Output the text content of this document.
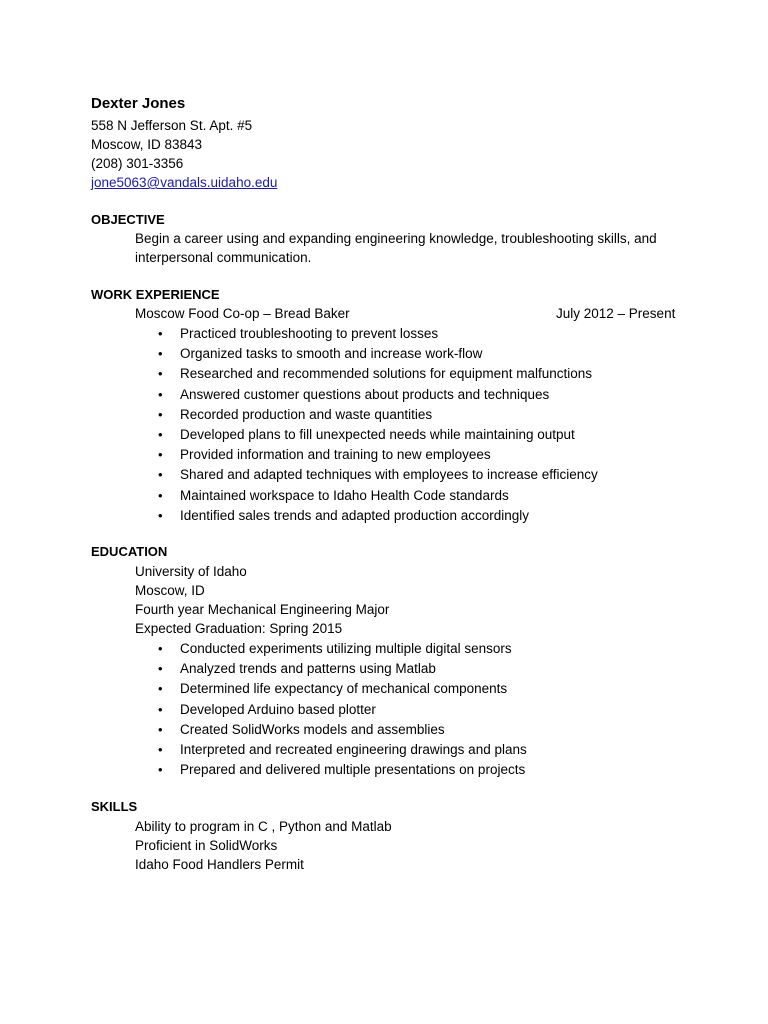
Dexter Jones
558 N Jefferson St. Apt. #5
Moscow, ID 83843
(208) 301-3356
jone5063@vandals.uidaho.edu
OBJECTIVE
Begin a career using and expanding engineering knowledge, troubleshooting skills, and
interpersonal communication.
WORK EXPERIENCE
Moscow Food Co-op – Bread Baker	July 2012 – Present
• Practiced troubleshooting to prevent losses
• Organized tasks to smooth and increase work-flow
• Researched and recommended solutions for equipment malfunctions
• Answered customer questions about products and techniques
• Recorded production and waste quantities
• Developed plans to fill unexpected needs while maintaining output
• Provided information and training to new employees
• Shared and adapted techniques with employees to increase efficiency
• Maintained workspace to Idaho Health Code standards
• Identified sales trends and adapted production accordingly
EDUCATION
University of Idaho
Moscow, ID
Fourth year Mechanical Engineering Major
Expected Graduation: Spring 2015
• Conducted experiments utilizing multiple digital sensors
• Analyzed trends and patterns using Matlab
• Determined life expectancy of mechanical components
• Developed Arduino based plotter
• Created SolidWorks models and assemblies
• Interpreted and recreated engineering drawings and plans
• Prepared and delivered multiple presentations on projects
SKILLS
Ability to program in C , Python and Matlab
Proficient in SolidWorks
Idaho Food Handlers Permit
